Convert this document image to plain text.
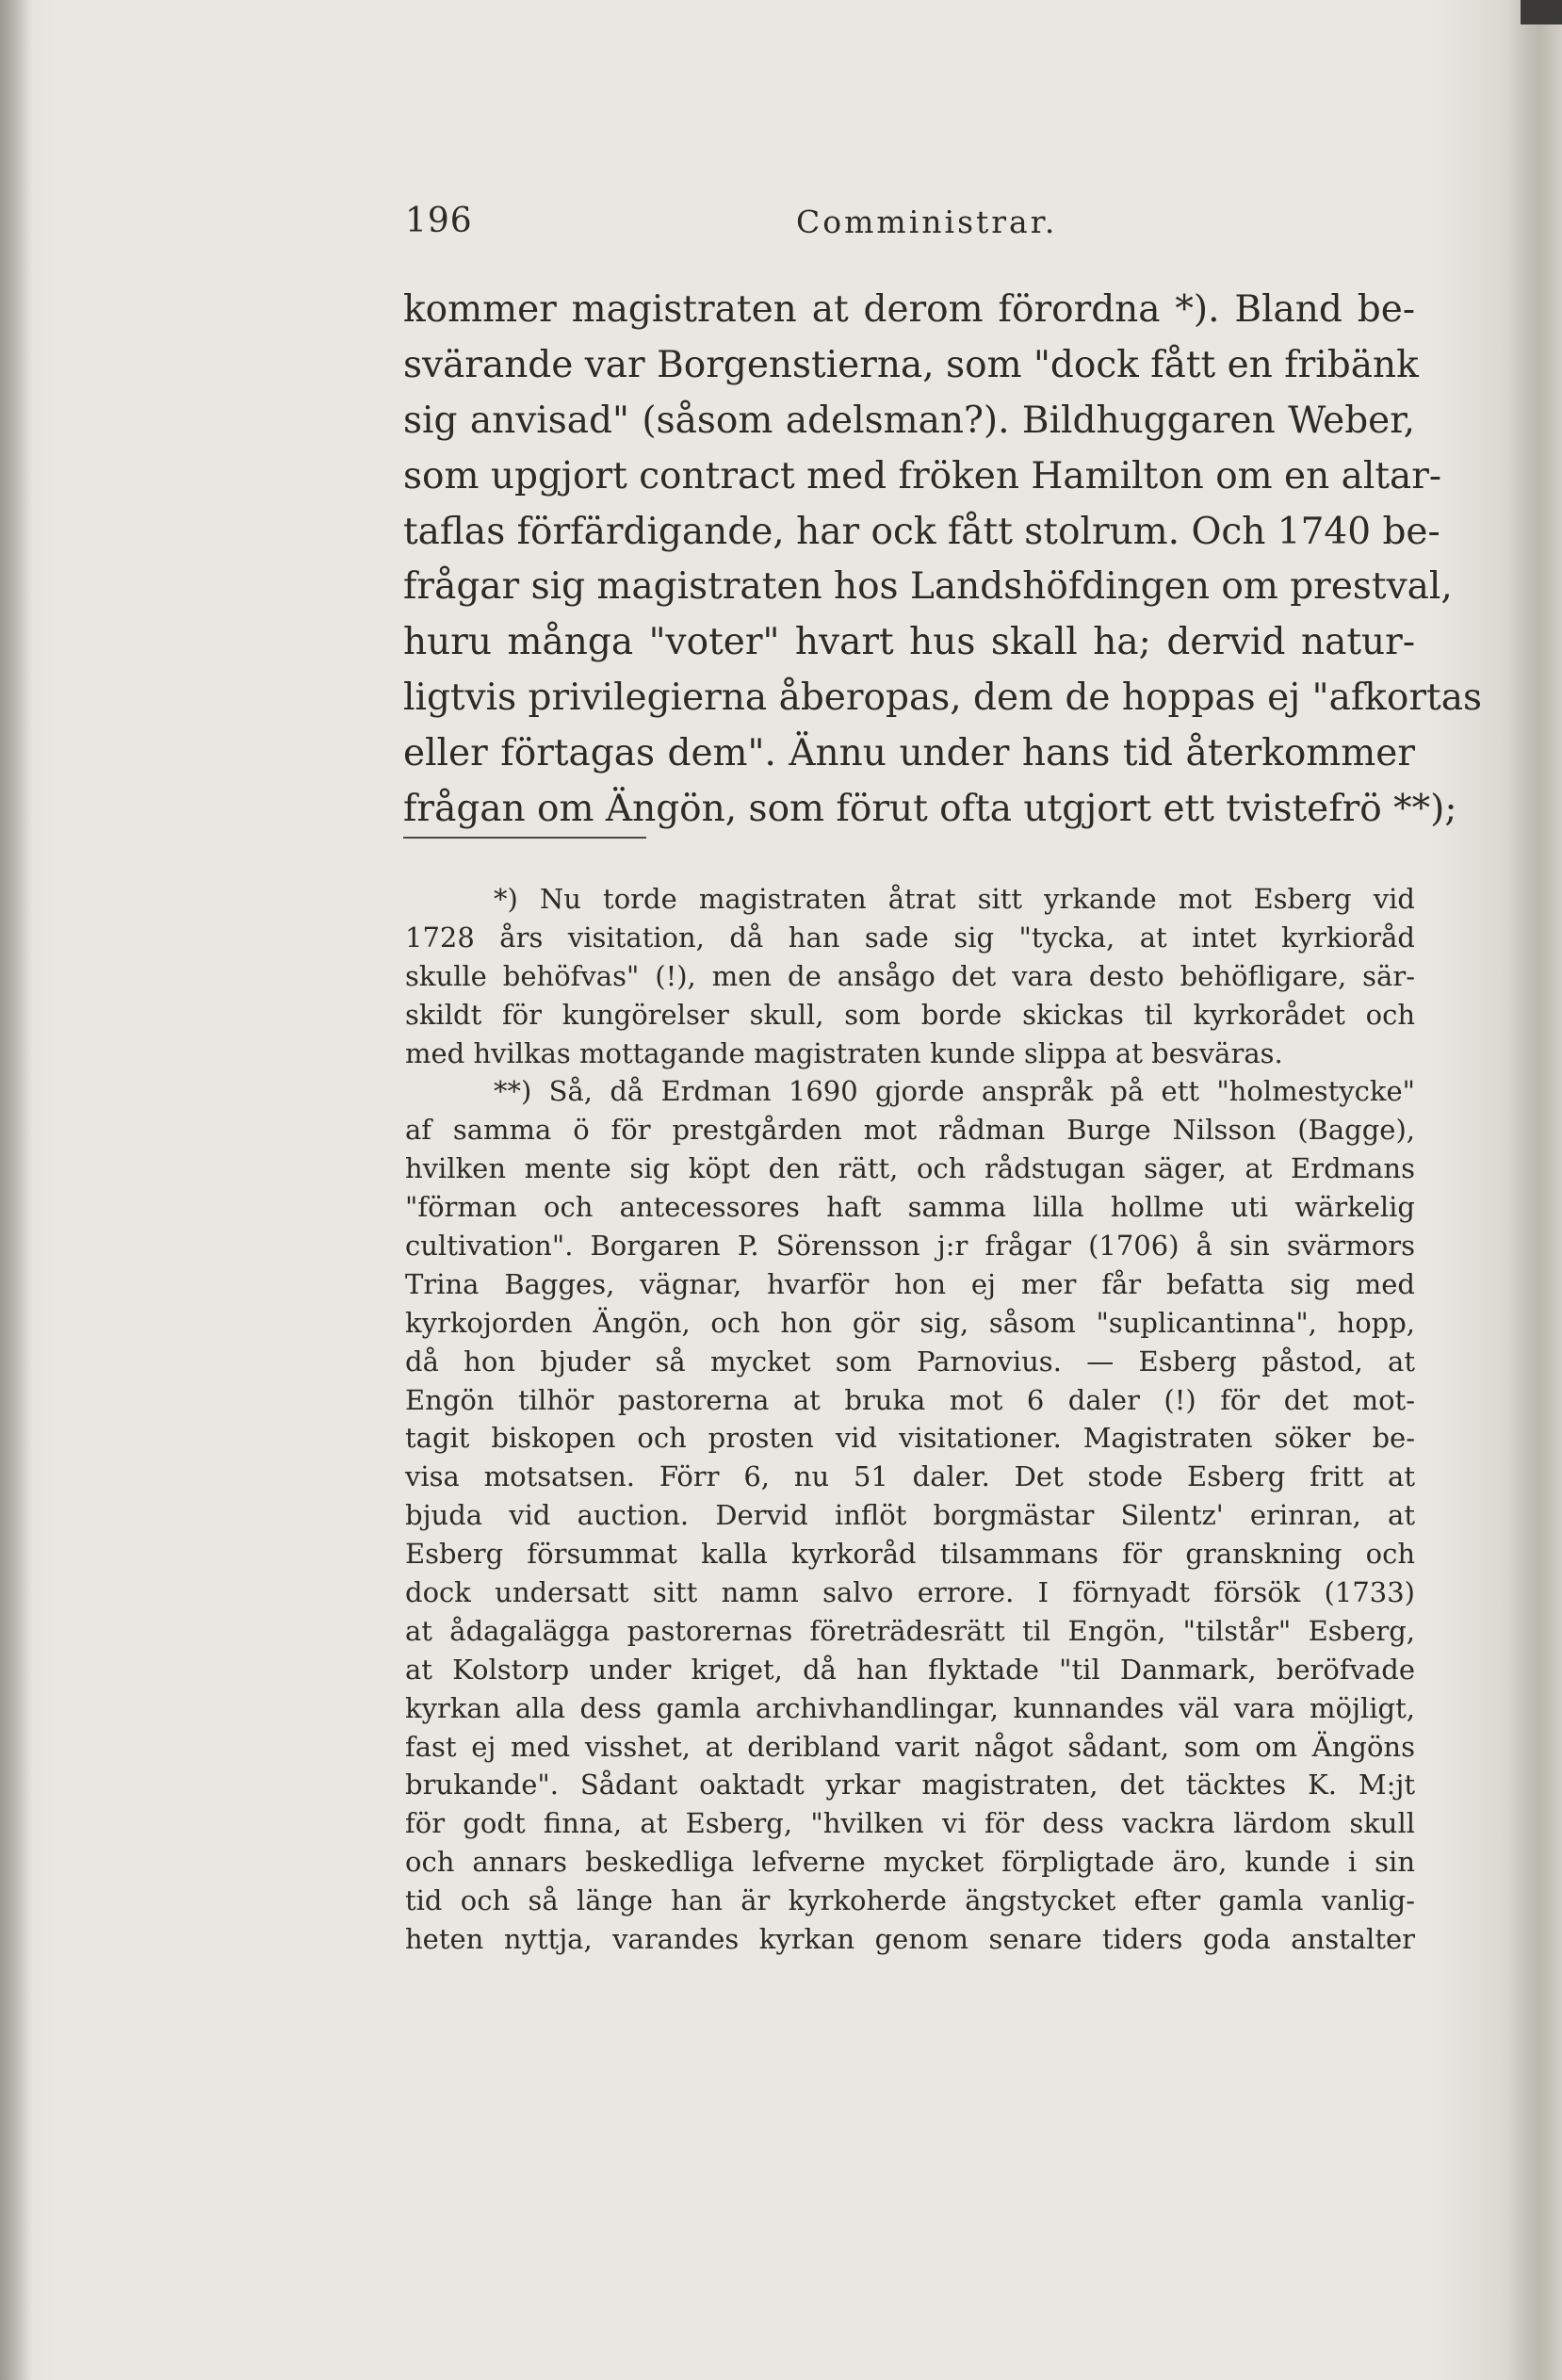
196	Comministrar.
kommer magistraten at derom förordna *). Bland be-
svärande var Borgenstierna, som "dock fått en fribänk
sig anvisad" (såsom adelsman?). Bildhuggaren Weber,
som upgjort contract med fröken Hamilton om en altar-
taflas förfärdigande, har ock fått stolrum. Och 1740 be-
frågar sig magistraten hos Landshöfdingen om prestval,
huru många "voter" hvart hus skall ha; dervid natur-
ligtvis privilegierna åberopas, dem de hoppas ej "afkortas
eller förtagas dem". Ännu under hans tid återkommer
frågan om Ängön, som förut ofta utgjort ett tvistefrö **);
*) Nu torde magistraten åtrat sitt yrkande mot Esberg vid
1728 års visitation, då han sade sig "tycka, at intet kyrkioråd
skulle behöfvas" (!), men de ansågo det vara desto behöfligare, sär-
skildt för kungörelser skull, som borde skickas til kyrkorådet och
med hvilkas mottagande magistraten kunde slippa at besväras.
**) Så, då Erdman 1690 gjorde anspråk på ett "holmestycke"
af samma ö för prestgården mot rådman Burge Nilsson (Bagge),
hvilken mente sig köpt den rätt, och rådstugan säger, at Erdmans
"förman och antecessores haft samma lilla hollme uti wärkelig
cultivation". Borgaren P. Sörensson j:r frågar (1706) å sin svärmors
Trina Bagges, vägnar, hvarför hon ej mer får befatta sig med
kyrkojorden Ängön, och hon gör sig, såsom "suplicantinna", hopp,
då hon bjuder så mycket som Parnovius. — Esberg påstod, at
Engön tilhör pastorerna at bruka mot 6 daler (!) för det mot-
tagit biskopen och prosten vid visitationer. Magistraten söker be-
visa motsatsen. Förr 6, nu 51 daler. Det stode Esberg fritt at
bjuda vid auction. Dervid inflöt borgmästar Silentz' erinran, at
Esberg försummat kalla kyrkoråd tilsammans för granskning och
dock undersatt sitt namn salvo errore. I förnyadt försök (1733)
at ådagalägga pastorernas företrädesrätt til Engön, "tilstår" Esberg,
at Kolstorp under kriget, då han flyktade "til Danmark, beröfvade
kyrkan alla dess gamla archivhandlingar, kunnandes väl vara möjligt,
fast ej med visshet, at deribland varit något sådant, som om Ängöns
brukande". Sådant oaktadt yrkar magistraten, det täcktes K. M:jt
för godt finna, at Esberg, "hvilken vi för dess vackra lärdom skull
och annars beskedliga lefverne mycket förpligtade äro, kunde i sin
tid och så länge han är kyrkoherde ängstycket efter gamla vanlig-
heten nyttja, varandes kyrkan genom senare tiders goda anstalter
